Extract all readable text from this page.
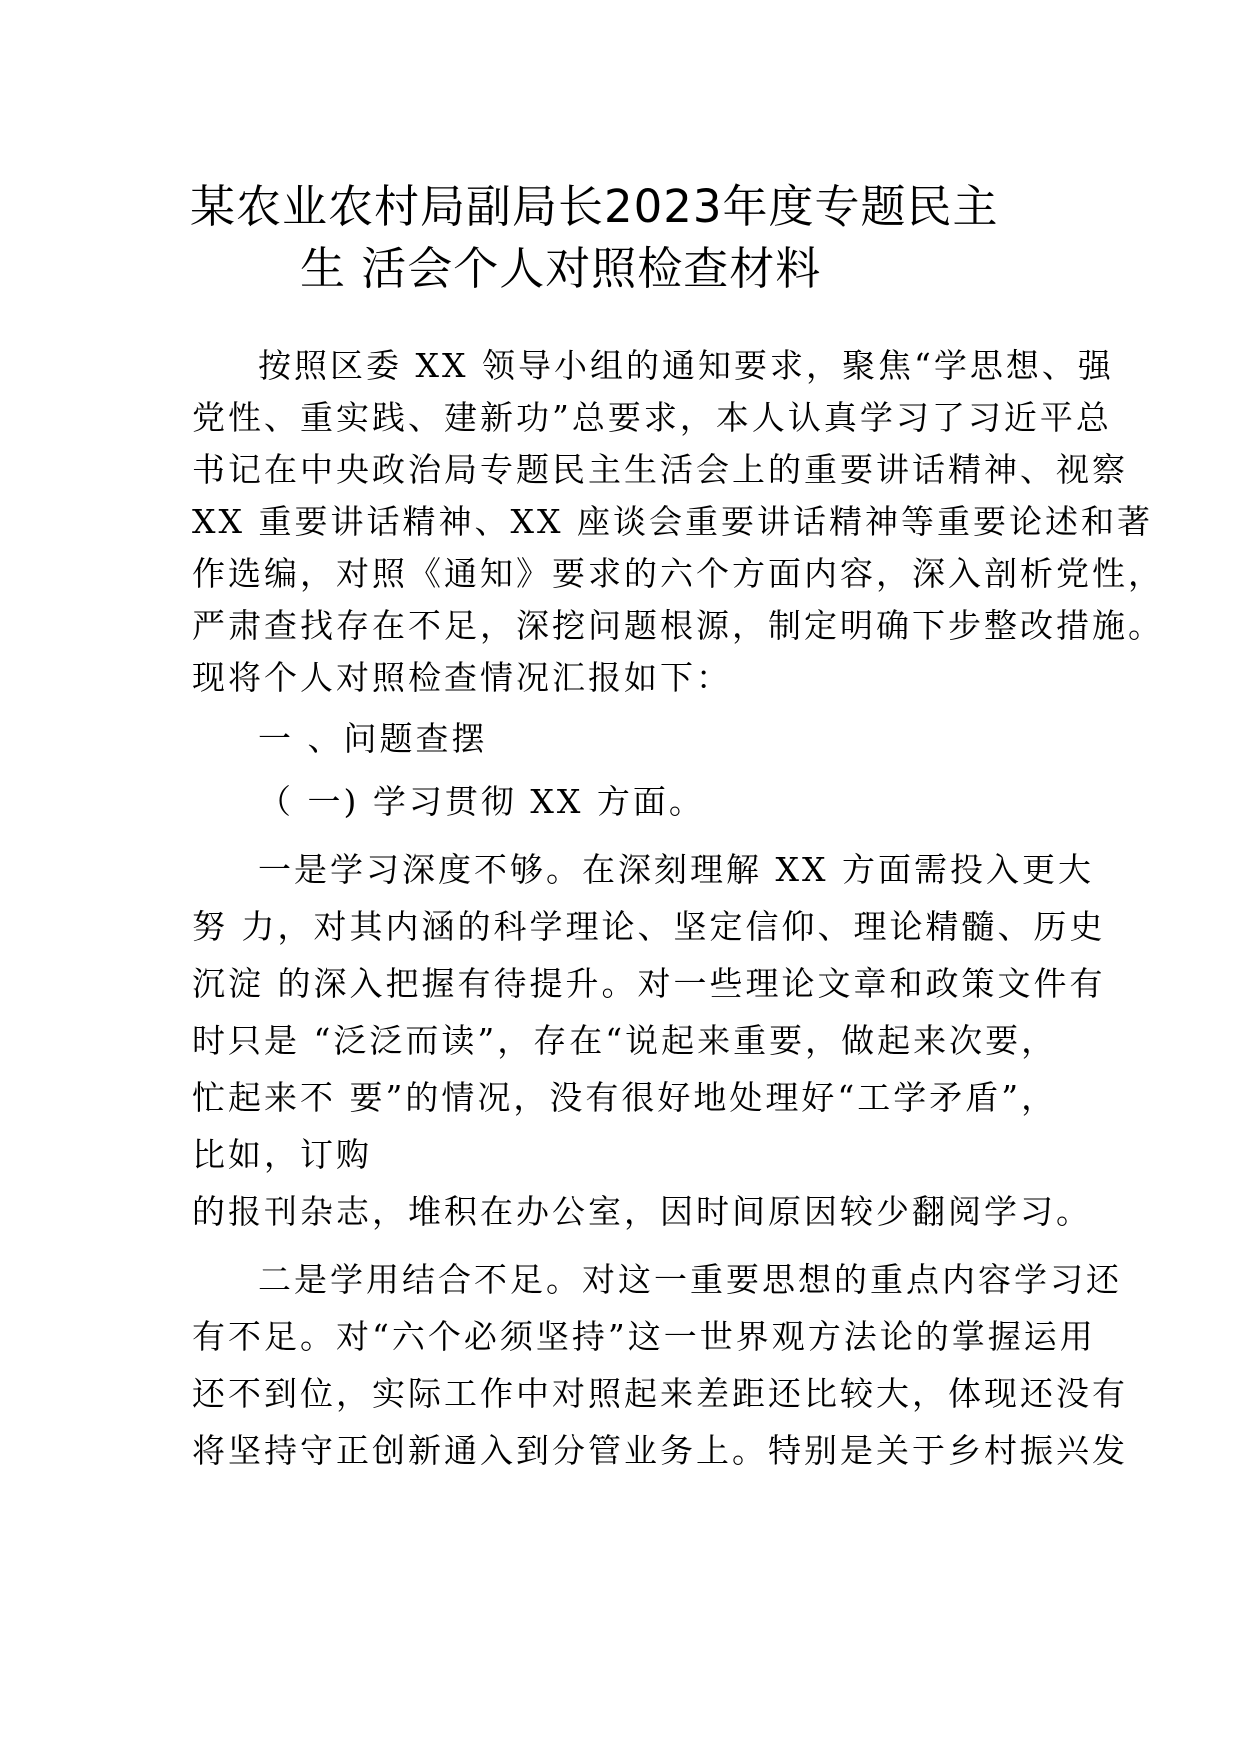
某农业农村局副局长2023年度专题民主
生 活会个人对照检查材料
按照区委 XX 领导小组的通知要求，聚焦“学思想、强
党性、重实践、建新功”总要求，本人认真学习了习近平总
书记在中央政治局专题民主生活会上的重要讲话精神、视察
XX 重要讲话精神、XX 座谈会重要讲话精神等重要论述和著
作选编，对照《通知》要求的六个方面内容，深入剖析党性，
严肃查找存在不足，深挖问题根源，制定明确下步整改措施。
现将个人对照检查情况汇报如下：
一 、问题查摆
（ 一) 学习贯彻 XX 方面。
一是学习深度不够。在深刻理解 XX 方面需投入更大
努 力，对其内涵的科学理论、坚定信仰、理论精髓、历史
沉淀 的深入把握有待提升。对一些理论文章和政策文件有
时只是 “泛泛而读”，存在“说起来重要，做起来次要，
忙起来不 要”的情况，没有很好地处理好“工学矛盾”，
比如，订购
的报刊杂志，堆积在办公室，因时间原因较少翻阅学习。
二是学用结合不足。对这一重要思想的重点内容学习还
有不足。对“六个必须坚持”这一世界观方法论的掌握运用
还不到位，实际工作中对照起来差距还比较大，体现还没有
将坚持守正创新通入到分管业务上。特别是关于乡村振兴发
